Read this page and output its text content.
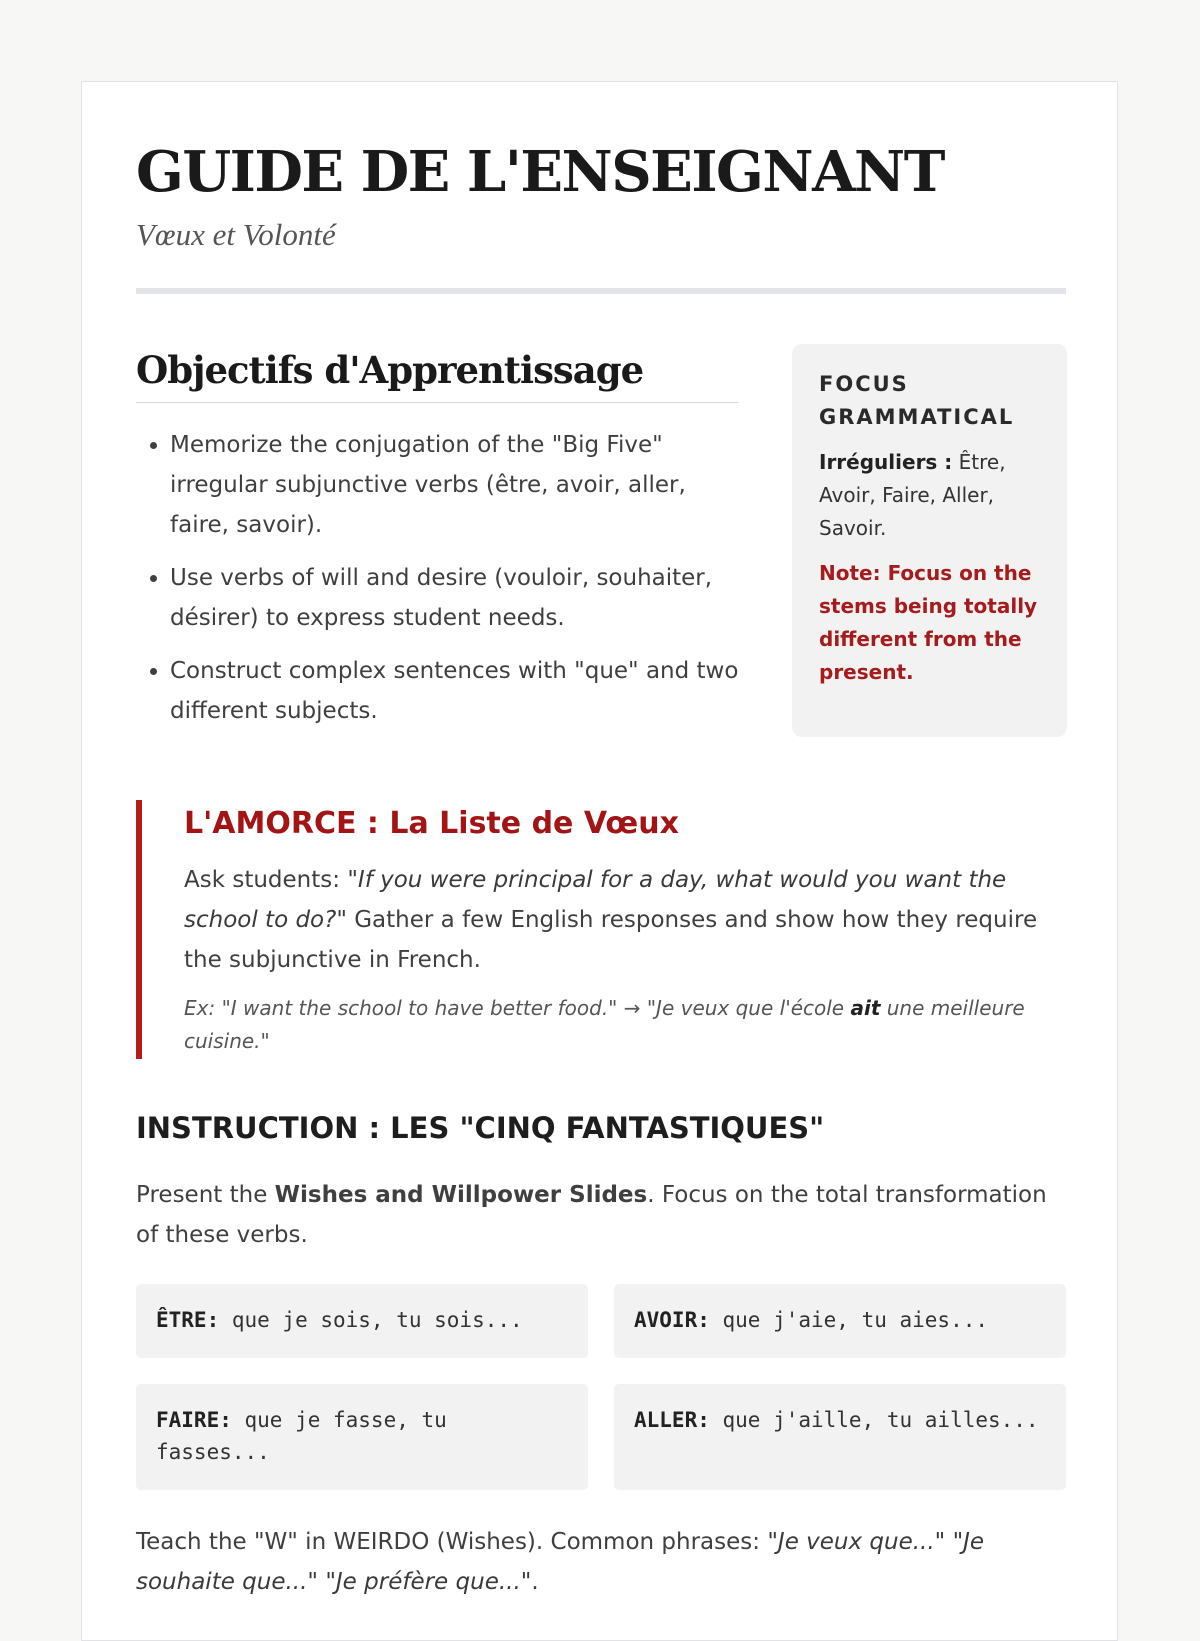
GUIDE DE L'ENSEIGNANT
Vœux et Volonté
Objectifs d'Apprentissage
• Memorize the conjugation of the "Big Five" irregular subjunctive verbs (être, avoir, aller, faire, savoir).
• Use verbs of will and desire (vouloir, souhaiter, désirer) to express student needs.
• Construct complex sentences with "que" and two different subjects.

FOCUS GRAMMATICAL

Irréguliers : Être, Avoir, Faire, Aller, Savoir.

Note: Focus on the stems being totally different from the present.

L'AMORCE : La Liste de Vœux

Ask students: "If you were principal for a day, what would you want the school to do?" Gather a few English responses and show how they require the subjunctive in French.

Ex: "I want the school to have better food." → "Je veux que l'école ait une meilleure cuisine."

INSTRUCTION : LES "CINQ FANTASTIQUES"

Present the Wishes and Willpower Slides. Focus on the total transformation of these verbs.

ÊTRE: que je sois, tu sois...	AVOIR: que j'aie, tu aies...
FAIRE: que je fasse, tu fasses...
ALLER: que j'aille, tu ailles...

Teach the "W" in WEIRDO (Wishes). Common phrases: "Je veux que..." "Je souhaite que..." "Je préfère que...".
